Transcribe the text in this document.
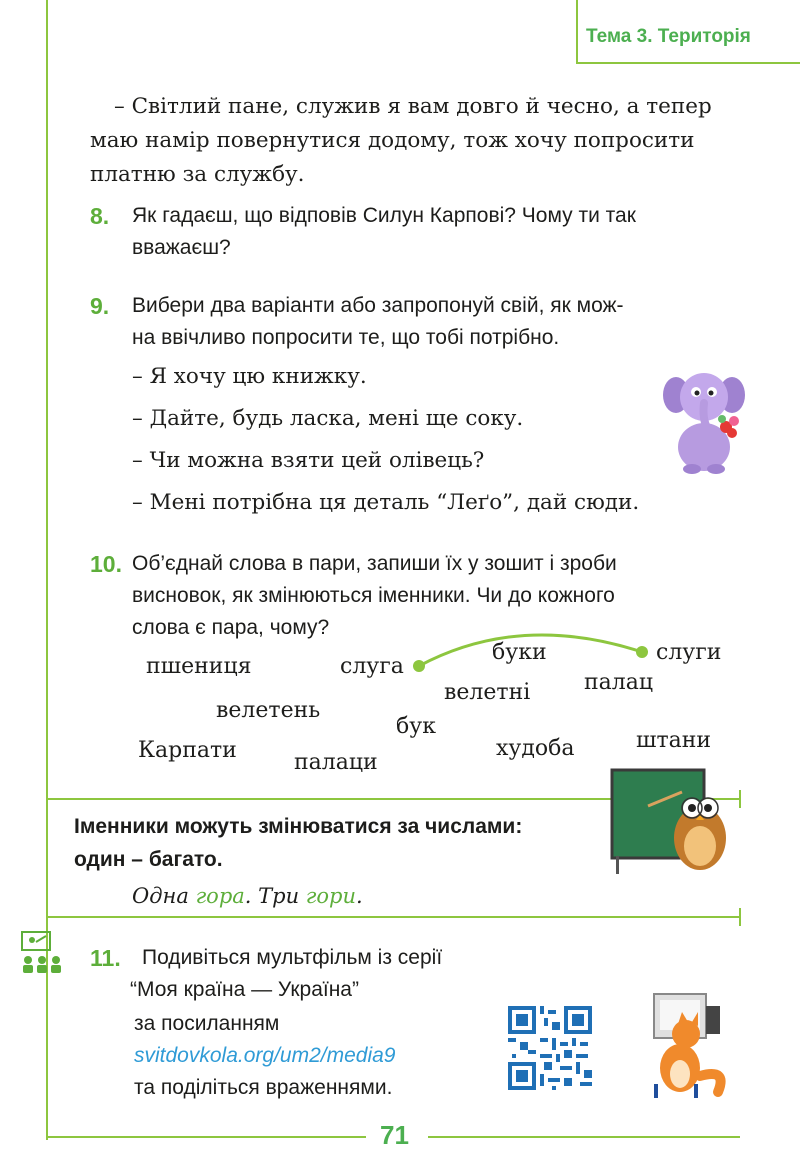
Тема 3. Територія
– Світлий пане, служив я вам довго й чесно, а тепер
маю намір повернутися додому, тож хочу попросити
платню за службу.
8. Як гадаєш, що відповів Силун Карпові? Чому ти так
вважаєш?
9. Вибери два варіанти або запропонуй свій, як мож-
на ввічливо попросити те, що тобі потрібно.
– Я хочу цю книжку.
– Дайте, будь ласка, мені ще соку.
– Чи можна взяти цей олівець?
– Мені потрібна ця деталь “Леґо”, дай сюди.
10. Об’єднай слова в пари, запиши їх у зошит і зроби
висновок, як змінюються іменники. Чи до кожного
слова є пара, чому?
пшениця	слуга
буки	слуги
велетні палац
велетень
бук
штани
Карпати	худоба
палаци
Іменники можуть змінюватися за числами:
один – багато.
Одна гора. Три гори.
11. Подивіться мультфільм із серії
“Моя країна — Україна”
за посиланням
svitdovkola.org/um2/media9
та поділіться враженнями.
71
